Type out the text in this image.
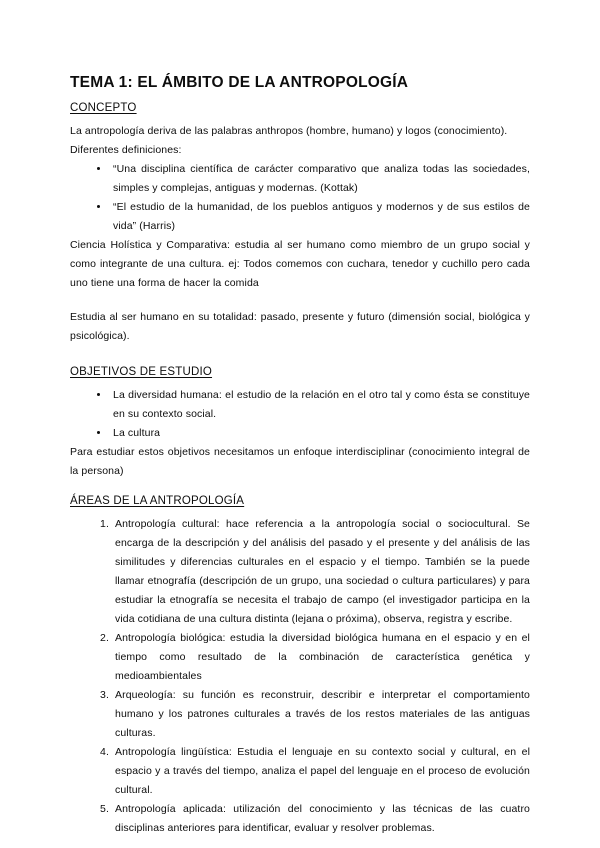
TEMA 1: EL ÁMBITO DE LA ANTROPOLOGÍA
CONCEPTO

La antropología deriva de las palabras anthropos (hombre, humano) y logos (conocimiento).

Diferentes definiciones:

• “Una disciplina científica de carácter comparativo que analiza todas las sociedades, simples y complejas, antiguas y modernas. (Kottak)
• “El estudio de la humanidad, de los pueblos antiguos y modernos y de sus estilos de vida” (Harris)

Ciencia Holística y Comparativa: estudia al ser humano como miembro de un grupo social y como integrante de una cultura. ej: Todos comemos con cuchara, tenedor y cuchillo pero cada uno tiene una forma de hacer la comida

Estudia al ser humano en su totalidad: pasado, presente y futuro (dimensión social, biológica y psicológica).

OBJETIVOS DE ESTUDIO
• La diversidad humana: el estudio de la relación en el otro tal y como ésta se constituye en su contexto social.
• La cultura

Para estudiar estos objetivos necesitamos un enfoque interdisciplinar (conocimiento integral de la persona)

ÁREAS DE LA ANTROPOLOGÍA
1. Antropología cultural: hace referencia a la antropología social o sociocultural. Se encarga de la descripción y del análisis del pasado y el presente y del análisis de las similitudes y diferencias culturales en el espacio y el tiempo. También se la puede llamar etnografía (descripción de un grupo, una sociedad o cultura particulares) y para estudiar la etnografía se necesita el trabajo de campo (el investigador participa en la vida cotidiana de una cultura distinta (lejana o próxima), observa, registra y escribe.
2. Antropología biológica: estudia la diversidad biológica humana en el espacio y en el tiempo como resultado de la combinación de característica genética y medioambientales
3. Arqueología: su función es reconstruir, describir e interpretar el comportamiento humano y los patrones culturales a través de los restos materiales de las antiguas culturas.
4. Antropología lingüística: Estudia el lenguaje en su contexto social y cultural, en el espacio y a través del tiempo, analiza el papel del lenguaje en el proceso de evolución cultural.
5. Antropología aplicada: utilización del conocimiento y las técnicas de las cuatro disciplinas anteriores para identificar, evaluar y resolver problemas.
